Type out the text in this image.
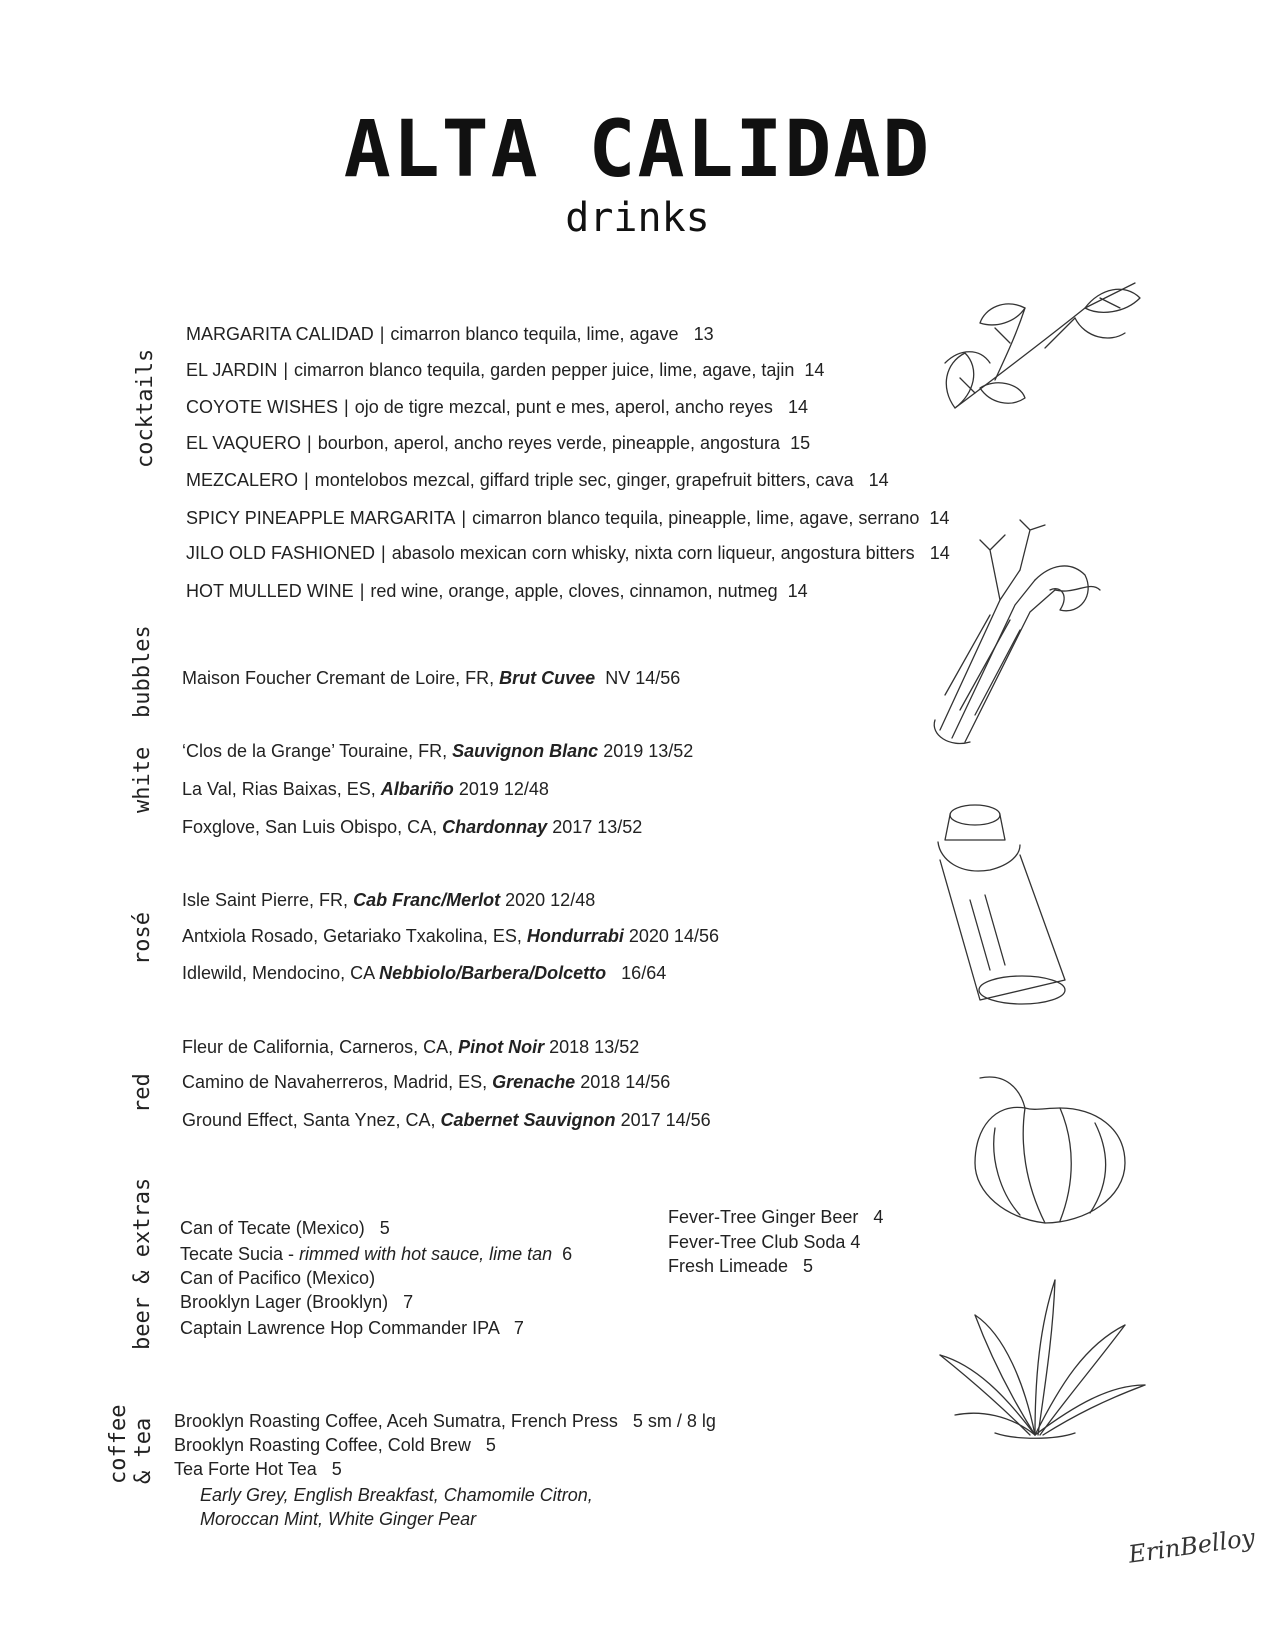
ALTA CALIDAD
drinks
cocktails
bubbles
white
rosé
red
beer & extras
coffee & tea
MARGARITA CALIDAD | cimarron blanco tequila, lime, agave 13
EL JARDIN | cimarron blanco tequila, garden pepper juice, lime, agave, tajin 14
COYOTE WISHES | ojo de tigre mezcal, punt e mes, aperol, ancho reyes 14
EL VAQUERO | bourbon, aperol, ancho reyes verde, pineapple, angostura 15
MEZCALERO | montelobos mezcal, giffard triple sec, ginger, grapefruit bitters, cava 14
SPICY PINEAPPLE MARGARITA | cimarron blanco tequila, pineapple, lime, agave, serrano 14
JILO OLD FASHIONED | abasolo mexican corn whisky, nixta corn liqueur, angostura bitters 14
HOT MULLED WINE | red wine, orange, apple, cloves, cinnamon, nutmeg 14
Maison Foucher Cremant de Loire, FR, Brut Cuvee NV 14/56
‘Clos de la Grange’ Touraine, FR, Sauvignon Blanc 2019 13/52
La Val, Rias Baixas, ES, Albariño 2019 12/48
Foxglove, San Luis Obispo, CA, Chardonnay 2017 13/52
Isle Saint Pierre, FR, Cab Franc/Merlot 2020 12/48
Antxiola Rosado, Getariako Txakolina, ES, Hondurrabi 2020 14/56
Idlewild, Mendocino, CA Nebbiolo/Barbera/Dolcetto 16/64
Fleur de California, Carneros, CA, Pinot Noir 2018 13/52
Camino de Navaherreros, Madrid, ES, Grenache 2018 14/56
Ground Effect, Santa Ynez, CA, Cabernet Sauvignon 2017 14/56
Can of Tecate (Mexico)   5
Tecate Sucia - rimmed with hot sauce, lime tan  6
Can of Pacifico (Mexico)
Brooklyn Lager (Brooklyn)   7
Captain Lawrence Hop Commander IPA   7
Fever-Tree Ginger Beer   4
Fever-Tree Club Soda 4
Fresh Limeade   5
Brooklyn Roasting Coffee, Aceh Sumatra, French Press   5 sm / 8 lg
Brooklyn Roasting Coffee, Cold Brew   5
Tea Forte Hot Tea   5
Early Grey, English Breakfast, Chamomile Citron,
Moroccan Mint, White Ginger Pear
ErinBelloy
